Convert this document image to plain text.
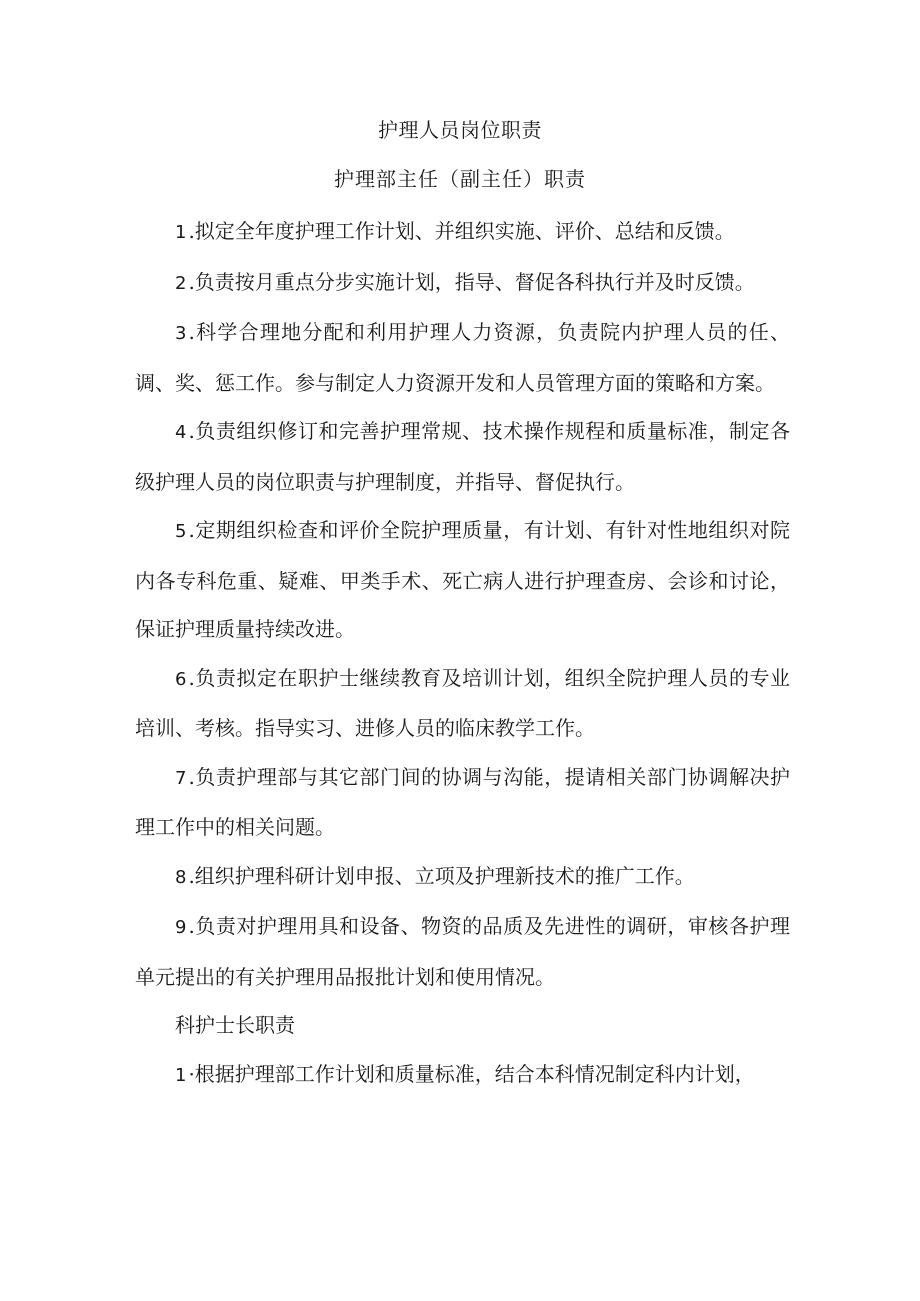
护理人员岗位职责
护理部主任（副主任）职责

1.拟定全年度护理工作计划、并组织实施、评价、总结和反馈。

2.负责按月重点分步实施计划，指导、督促各科执行并及时反馈。

3.科学合理地分配和利用护理人力资源，负责院内护理人员的任、调、奖、惩工作。参与制定人力资源开发和人员管理方面的策略和方案。

4.负责组织修订和完善护理常规、技术操作规程和质量标准，制定各级护理人员的岗位职责与护理制度，并指导、督促执行。

5.定期组织检查和评价全院护理质量，有计划、有针对性地组织对院内各专科危重、疑难、甲类手术、死亡病人进行护理查房、会诊和讨论，保证护理质量持续改进。

6.负责拟定在职护士继续教育及培训计划，组织全院护理人员的专业培训、考核。指导实习、进修人员的临床教学工作。

7.负责护理部与其它部门间的协调与沟能，提请相关部门协调解决护理工作中的相关问题。

8.组织护理科研计划申报、立项及护理新技术的推广工作。

9.负责对护理用具和设备、物资的品质及先进性的调研，审核各护理单元提出的有关护理用品报批计划和使用情况。

科护士长职责

1·根据护理部工作计划和质量标准，结合本科情况制定科内计划，
